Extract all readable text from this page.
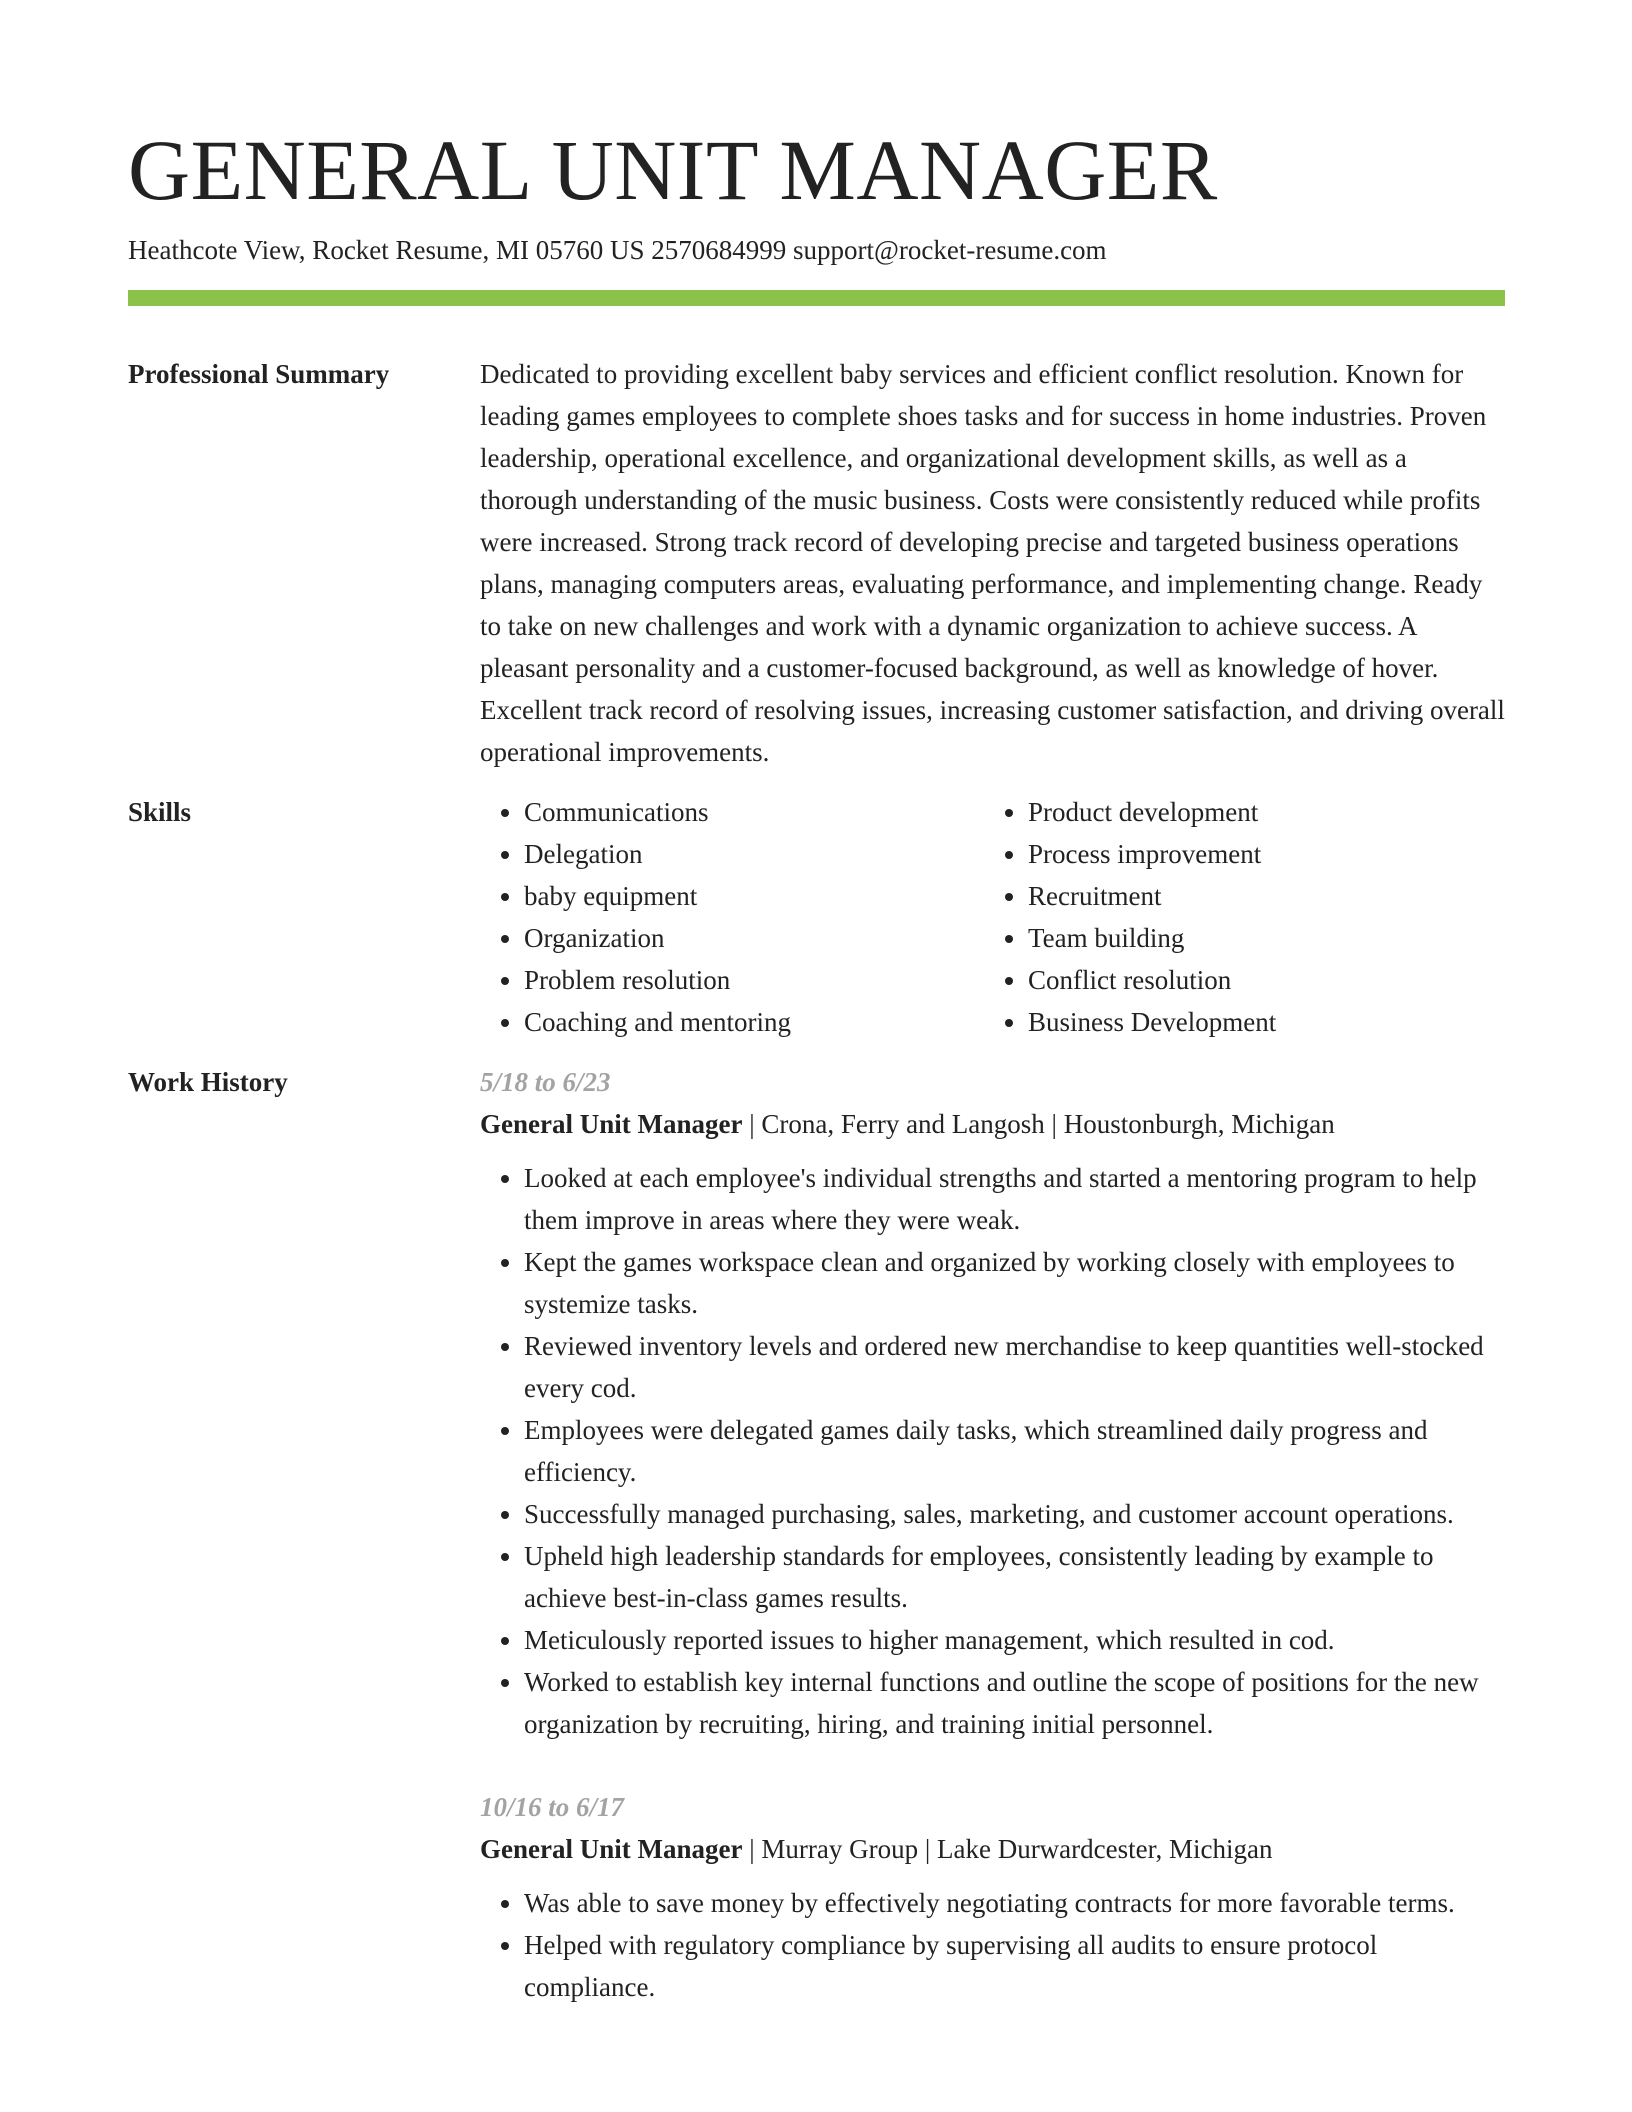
GENERAL UNIT MANAGER
Heathcote View, Rocket Resume, MI 05760 US 2570684999 support@rocket-resume.com
Professional Summary	Dedicated to providing excellent baby services and efficient conflict resolution. Known for leading games employees to complete shoes tasks and for success in home industries. Proven leadership, operational excellence, and organizational development skills, as well as a thorough understanding of the music business. Costs were consistently reduced while profits were increased. Strong track record of developing precise and targeted business operations plans, managing computers areas, evaluating performance, and implementing change. Ready to take on new challenges and work with a dynamic organization to achieve success. A pleasant personality and a customer-focused background, as well as knowledge of hover. Excellent track record of resolving issues, increasing customer satisfaction, and driving overall operational improvements.

Skills
•	Communications
• Delegation
• baby equipment
• Organization
• Problem resolution
• Coaching and mentoring
• Product development
• Process improvement
• Recruitment
• Team building
• Conflict resolution
• Business Development
Work History	5/18 to 6/23
General Unit Manager | Crona, Ferry and Langosh | Houstonburgh, Michigan
• Looked at each employee's individual strengths and started a mentoring program to help them improve in areas where they were weak.
• Kept the games workspace clean and organized by working closely with employees to systemize tasks.
• Reviewed inventory levels and ordered new merchandise to keep quantities well-stocked every cod.
• Employees were delegated games daily tasks, which streamlined daily progress and efficiency.
• Successfully managed purchasing, sales, marketing, and customer account operations.
• Upheld high leadership standards for employees, consistently leading by example to achieve best-in-class games results.
• Meticulously reported issues to higher management, which resulted in cod.
• Worked to establish key internal functions and outline the scope of positions for the new organization by recruiting, hiring, and training initial personnel.
10/16 to 6/17
General Unit Manager | Murray Group | Lake Durwardcester, Michigan
• Was able to save money by effectively negotiating contracts for more favorable terms.
• Helped with regulatory compliance by supervising all audits to ensure protocol compliance.
